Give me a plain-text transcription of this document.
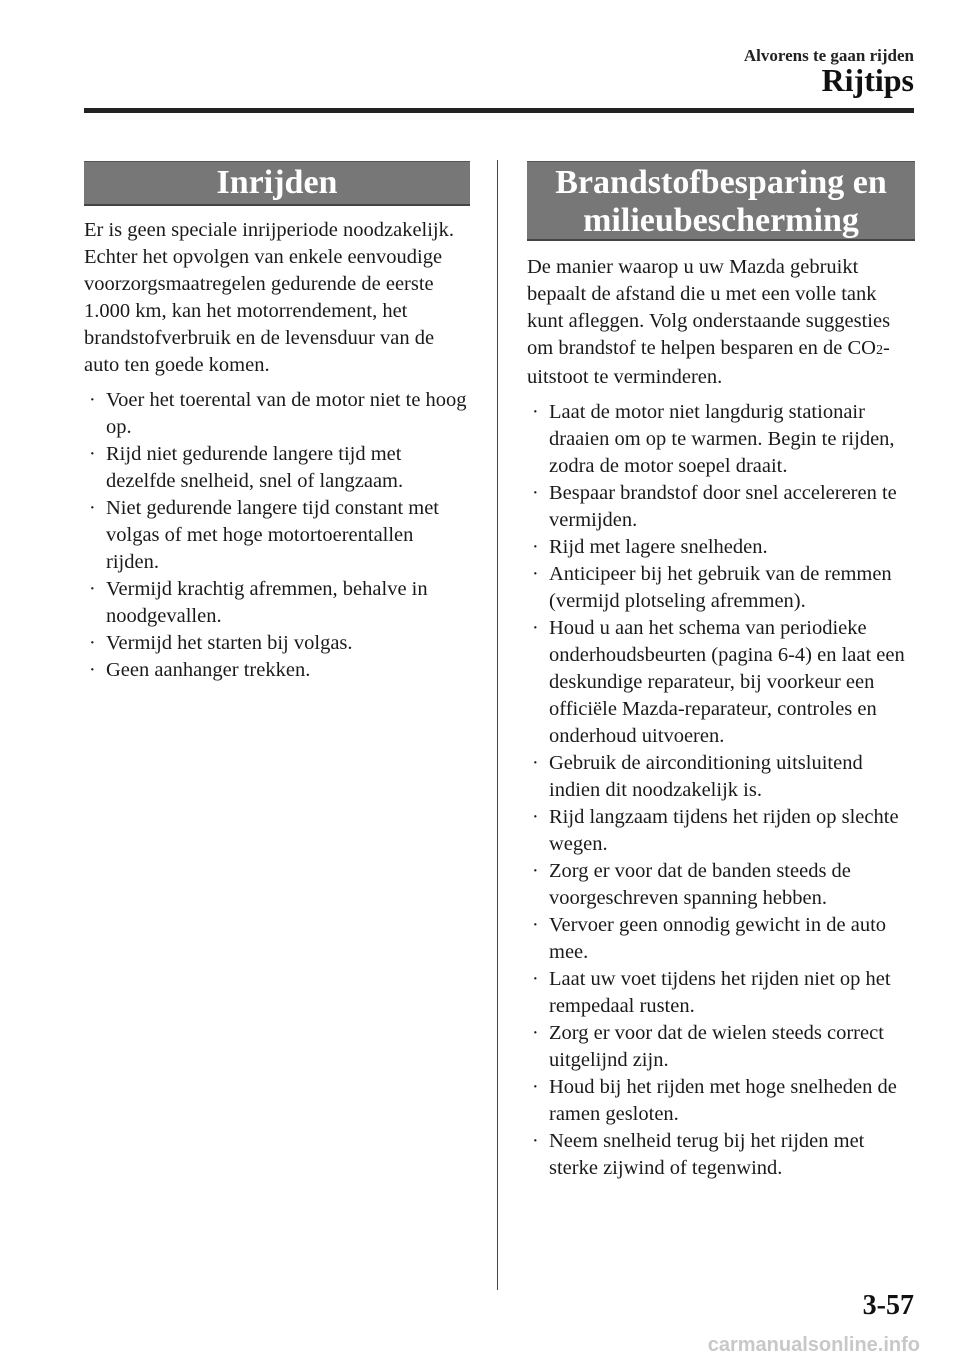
Alvorens te gaan rijden
Rijtips
Inrijden

Er is geen speciale inrijperiode noodzakelijk. Echter het opvolgen van enkele eenvoudige voorzorgsmaatregelen gedurende de eerste 1.000 km, kan het motorrendement, het brandstofverbruik en de levensduur van de auto ten goede komen.

· Voer het toerental van de motor niet te hoog op.
· Rijd niet gedurende langere tijd met dezelfde snelheid, snel of langzaam.
· Niet gedurende langere tijd constant met volgas of met hoge motortoerentallen rijden.
· Vermijd krachtig afremmen, behalve in noodgevallen.
· Vermijd het starten bij volgas.
· Geen aanhanger trekken.
Brandstofbesparing en
milieubescherming

De manier waarop u uw Mazda gebruikt bepaalt de afstand die u met een volle tank kunt afleggen. Volg onderstaande suggesties om brandstof te helpen besparen en de CO2-uitstoot te verminderen.

· Laat de motor niet langdurig stationair draaien om op te warmen. Begin te rijden, zodra de motor soepel draait.
· Bespaar brandstof door snel accelereren te vermijden.
· Rijd met lagere snelheden.
· Anticipeer bij het gebruik van de remmen (vermijd plotseling afremmen).
· Houd u aan het schema van periodieke onderhoudsbeurten (pagina 6-4) en laat een deskundige reparateur, bij voorkeur een officiële Mazda-reparateur, controles en onderhoud uitvoeren.
· Gebruik de airconditioning uitsluitend indien dit noodzakelijk is.
· Rijd langzaam tijdens het rijden op slechte wegen.
· Zorg er voor dat de banden steeds de voorgeschreven spanning hebben.
· Vervoer geen onnodig gewicht in de auto mee.
· Laat uw voet tijdens het rijden niet op het rempedaal rusten.
· Zorg er voor dat de wielen steeds correct uitgelijnd zijn.
· Houd bij het rijden met hoge snelheden de ramen gesloten.
· Neem snelheid terug bij het rijden met sterke zijwind of tegenwind.
3-57
carmanualsonline.info
